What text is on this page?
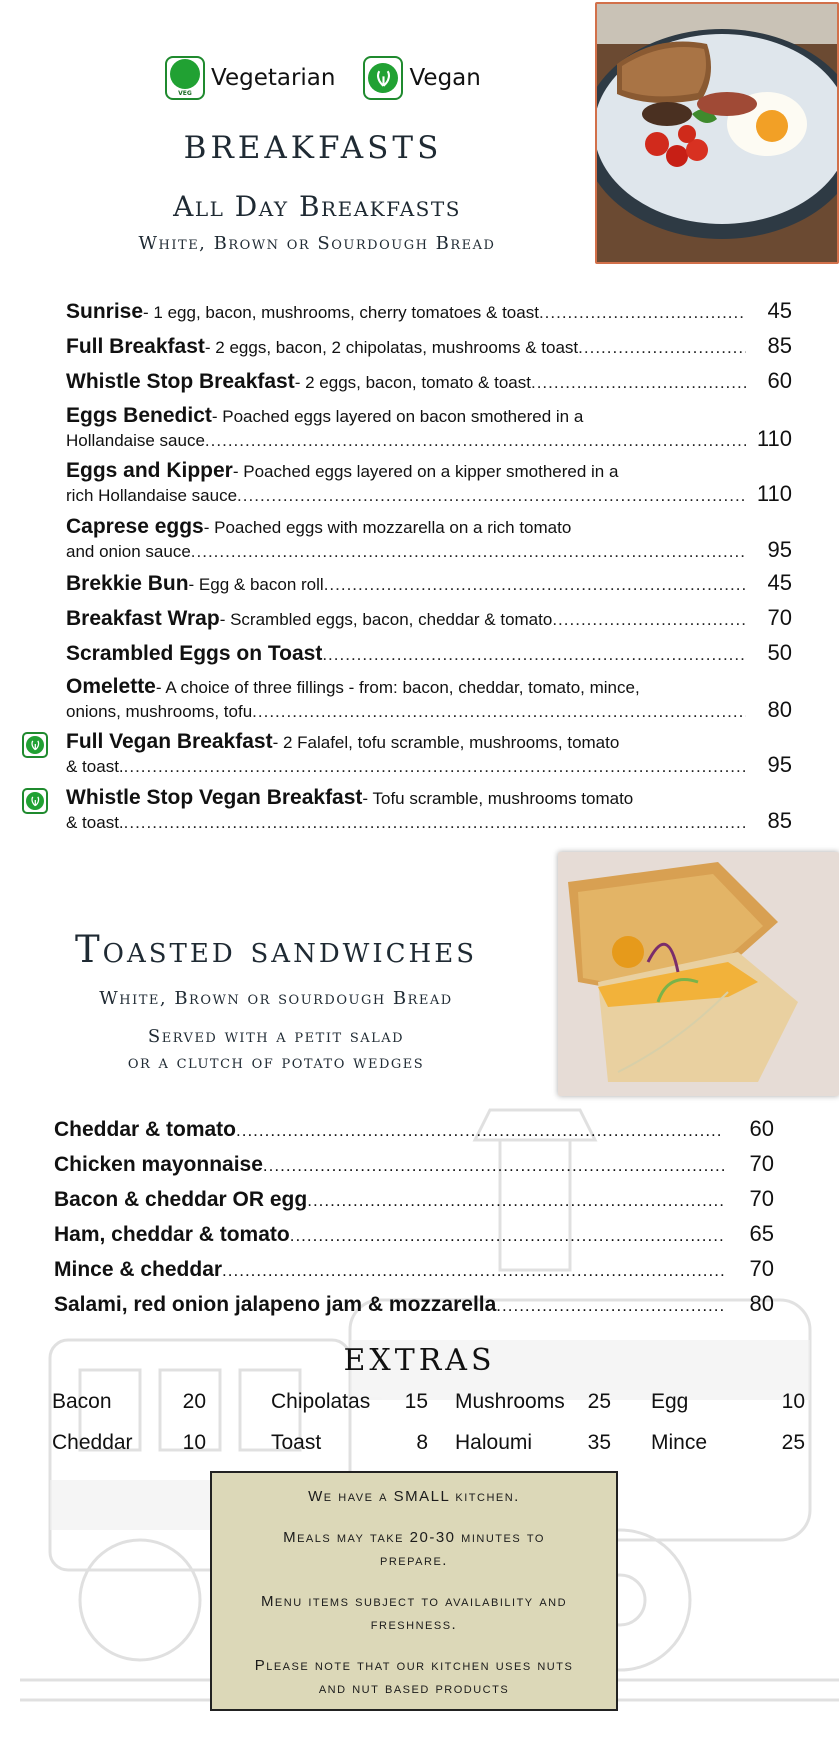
VEG
Vegetarian	Vegan
BREAKFASTS
All Day Breakfasts
White, Brown or Sourdough Bread
Sunrise - 1 egg, bacon, mushrooms, cherry tomatoes & toast .....	45
Full Breakfast - 2 eggs, bacon, 2 chipolatas, mushrooms & toast .....	85
Whistle Stop Breakfast - 2 eggs, bacon, tomato & toast .....	60
Eggs Benedict - Poached eggs layered on bacon smothered in a
Hollandaise sauce .....	110
Eggs and Kipper - Poached eggs layered on a kipper smothered in a
rich Hollandaise sauce .....	110
Caprese eggs - Poached eggs with mozzarella on a rich tomato
and onion sauce .....	95
Brekkie Bun - Egg & bacon roll .....	45
Breakfast Wrap - Scrambled eggs, bacon, cheddar & tomato .....	70
Scrambled Eggs on Toast .....	50
Omelette - A choice of three fillings - from: bacon, cheddar, tomato, mince,
onions, mushrooms, tofu .....	80
Full Vegan Breakfast - 2 Falafel, tofu scramble, mushrooms, tomato
& toast. .....	95
Whistle Stop Vegan Breakfast - Tofu scramble, mushrooms tomato
& toast. .....	85
Toasted sandwiches
White, Brown or sourdough Bread
Served with a petit salad
or a clutch of potato wedges
Cheddar & tomato .....	60
Chicken mayonnaise .....	70
Bacon & cheddar OR egg .....	70
Ham, cheddar & tomato .....	65
Mince & cheddar .....	70
Salami, red onion jalapeno jam & mozzarella .....	80
EXTRAS
Bacon	20	Chipolatas	15 Mushrooms	25 Egg	10
Cheddar	10	Toast	8 Haloumi	35 Mince	25

We have a SMALL kitchen.

Meals may take 20-30 minutes to prepare.

Menu items subject to availability and freshness.

Please note that our kitchen uses nuts and nut based products
